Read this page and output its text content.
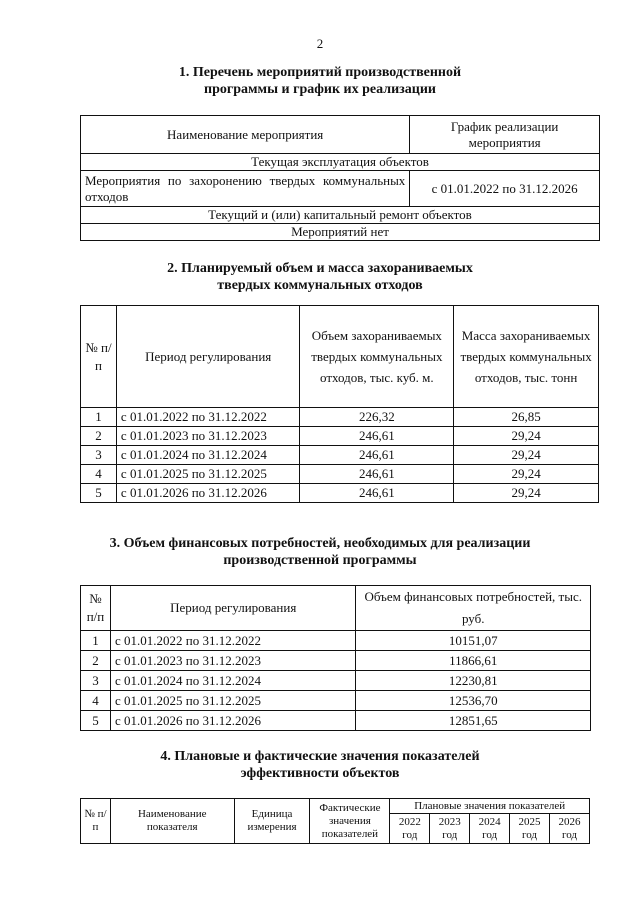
2
1. Перечень мероприятий производственной
программы и график их реализации
Наименование мероприятия	График реализации мероприятия
Текущая эксплуатация объектов	
Мероприятия по захоронению твердых коммунальных отходов	с 01.01.2022 по 31.12.2026
Текущий и (или) капитальный ремонт объектов	
Мероприятий нет	
2. Планируемый объем и масса захораниваемых
твердых коммунальных отходов
№ п/п	Период регулирования	Объем захораниваемых твердых коммунальных отходов, тыс. куб. м.	Масса захораниваемых твердых коммунальных отходов, тыс. тонн
1	с 01.01.2022 по 31.12.2022	226,32	26,85
2	с 01.01.2023 по 31.12.2023	246,61	29,24
3	с 01.01.2024 по 31.12.2024	246,61	29,24
4	с 01.01.2025 по 31.12.2025	246,61	29,24
5	с 01.01.2026 по 31.12.2026	246,61	29,24
3. Объем финансовых потребностей, необходимых для реализации
производственной программы
№ п/п	Период регулирования	Объем финансовых потребностей, тыс. руб.
1	с 01.01.2022 по 31.12.2022	10151,07
2	с 01.01.2023 по 31.12.2023	11866,61
3	с 01.01.2024 по 31.12.2024	12230,81
4	с 01.01.2025 по 31.12.2025	12536,70
5	с 01.01.2026 по 31.12.2026	12851,65
4. Плановые и фактические значения показателей
эффективности объектов
№ п/п	Наименование показателя	Единица измерения	Фактические значения показателей	Плановые значения показателей				
				2022 год	2023 год	2024 год	2025 год	2026 год
